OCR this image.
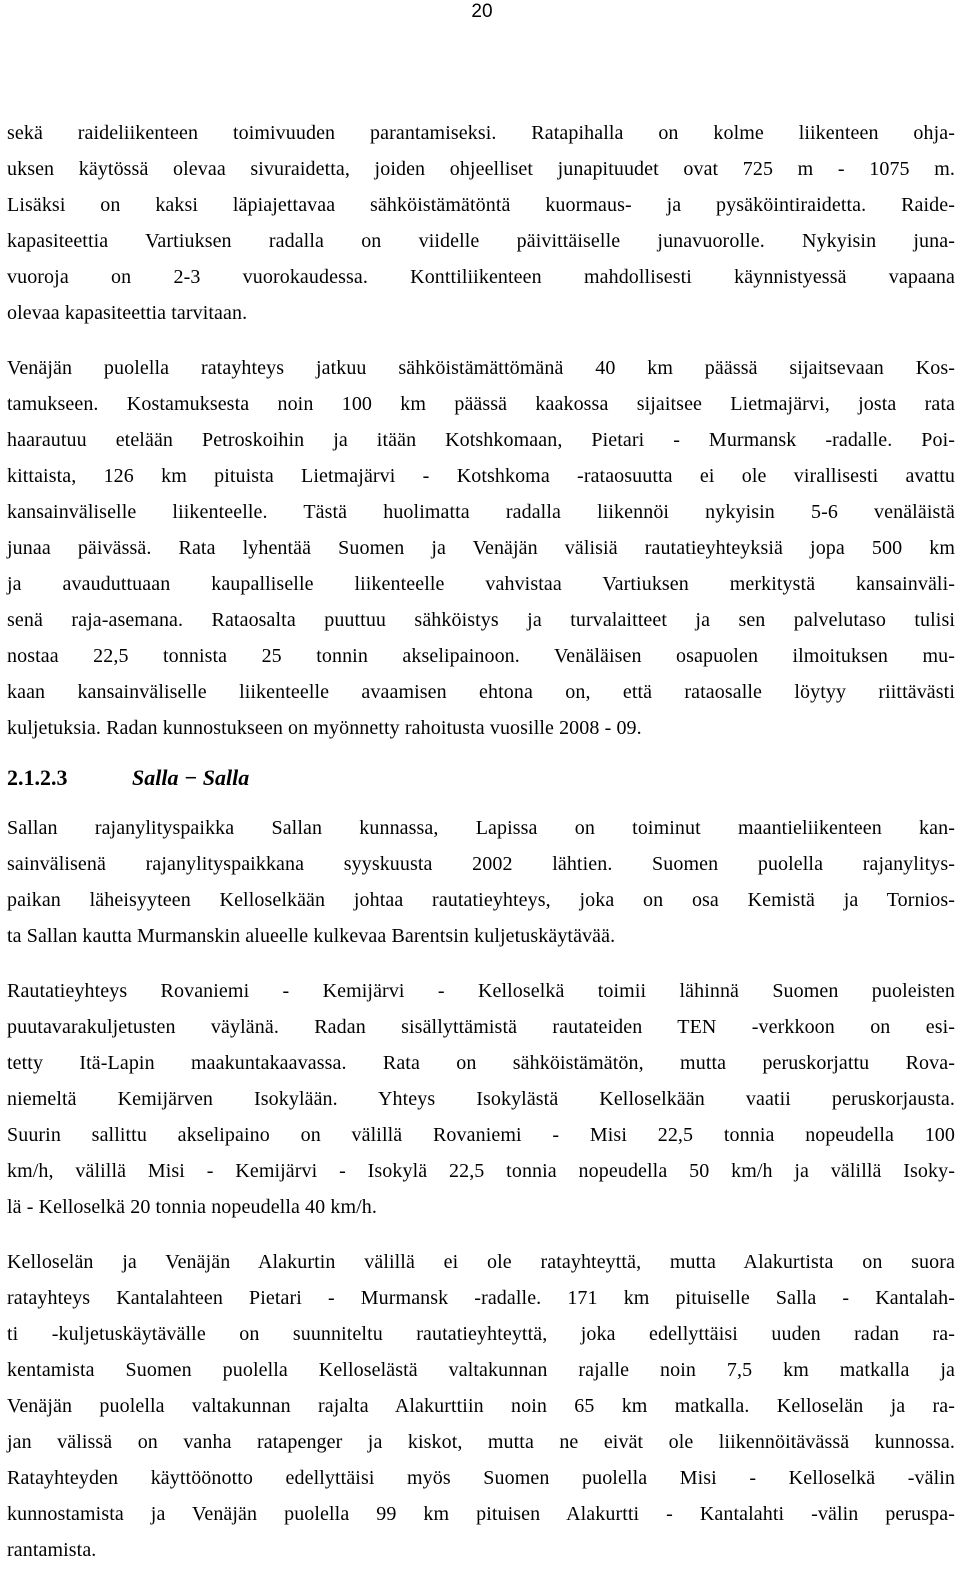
20
sekä raideliikenteen toimivuuden parantamiseksi. Ratapihalla on kolme liikenteen ohja-
uksen käytössä olevaa sivuraidetta, joiden ohjeelliset junapituudet ovat 725 m - 1075 m.
Lisäksi on kaksi läpiajettavaa sähköistämätöntä kuormaus- ja pysäköintiraidetta. Raide-
kapasiteettia Vartiuksen radalla on viidelle päivittäiselle junavuorolle. Nykyisin juna-
vuoroja on 2-3 vuorokaudessa. Konttiliikenteen mahdollisesti käynnistyessä vapaana
olevaa kapasiteettia tarvitaan.
Venäjän puolella ratayhteys jatkuu sähköistämättömänä 40 km päässä sijaitsevaan Kos-
tamukseen. Kostamuksesta noin 100 km päässä kaakossa sijaitsee Lietmajärvi, josta rata
haarautuu etelään Petroskoihin ja itään Kotshkomaan, Pietari - Murmansk -radalle. Poi-
kittaista, 126 km pituista Lietmajärvi - Kotshkoma -rataosuutta ei ole virallisesti avattu
kansainväliselle liikenteelle. Tästä huolimatta radalla liikennöi nykyisin 5-6 venäläistä
junaa päivässä. Rata lyhentää Suomen ja Venäjän välisiä rautatieyhteyksiä jopa 500 km
ja avauduttuaan kaupalliselle liikenteelle vahvistaa Vartiuksen merkitystä kansainväli-
senä raja-asemana. Rataosalta puuttuu sähköistys ja turvalaitteet ja sen palvelutaso tulisi
nostaa 22,5 tonnista 25 tonnin akselipainoon. Venäläisen osapuolen ilmoituksen mu-
kaan kansainväliselle liikenteelle avaamisen ehtona on, että rataosalle löytyy riittävästi
kuljetuksia. Radan kunnostukseen on myönnetty rahoitusta vuosille 2008 - 09.
2.1.2.3	Salla − Salla
Sallan rajanylityspaikka Sallan kunnassa, Lapissa on toiminut maantieliikenteen kan-
sainvälisenä rajanylityspaikkana syyskuusta 2002 lähtien. Suomen puolella rajanylitys-
paikan läheisyyteen Kelloselkään johtaa rautatieyhteys, joka on osa Kemistä ja Tornios-
ta Sallan kautta Murmanskin alueelle kulkevaa Barentsin kuljetuskäytävää.
Rautatieyhteys Rovaniemi - Kemijärvi - Kelloselkä toimii lähinnä Suomen puoleisten
puutavarakuljetusten väylänä. Radan sisällyttämistä rautateiden TEN -verkkoon on esi-
tetty Itä-Lapin maakuntakaavassa. Rata on sähköistämätön, mutta peruskorjattu Rova-
niemeltä Kemijärven Isokylään. Yhteys Isokylästä Kelloselkään vaatii peruskorjausta.
Suurin sallittu akselipaino on välillä Rovaniemi - Misi 22,5 tonnia nopeudella 100
km/h, välillä Misi - Kemijärvi - Isokylä 22,5 tonnia nopeudella 50 km/h ja välillä Isoky-
lä - Kelloselkä 20 tonnia nopeudella 40 km/h.
Kelloselän ja Venäjän Alakurtin välillä ei ole ratayhteyttä, mutta Alakurtista on suora
ratayhteys Kantalahteen Pietari - Murmansk -radalle. 171 km pituiselle Salla - Kantalah-
ti -kuljetuskäytävälle on suunniteltu rautatieyhteyttä, joka edellyttäisi uuden radan ra-
kentamista Suomen puolella Kelloselästä valtakunnan rajalle noin 7,5 km matkalla ja
Venäjän puolella valtakunnan rajalta Alakurttiin noin 65 km matkalla. Kelloselän ja ra-
jan välissä on vanha ratapenger ja kiskot, mutta ne eivät ole liikennöitävässä kunnossa.
Ratayhteyden käyttöönotto edellyttäisi myös Suomen puolella Misi - Kelloselkä -välin
kunnostamista ja Venäjän puolella 99 km pituisen Alakurtti - Kantalahti -välin peruspa-
rantamista.
